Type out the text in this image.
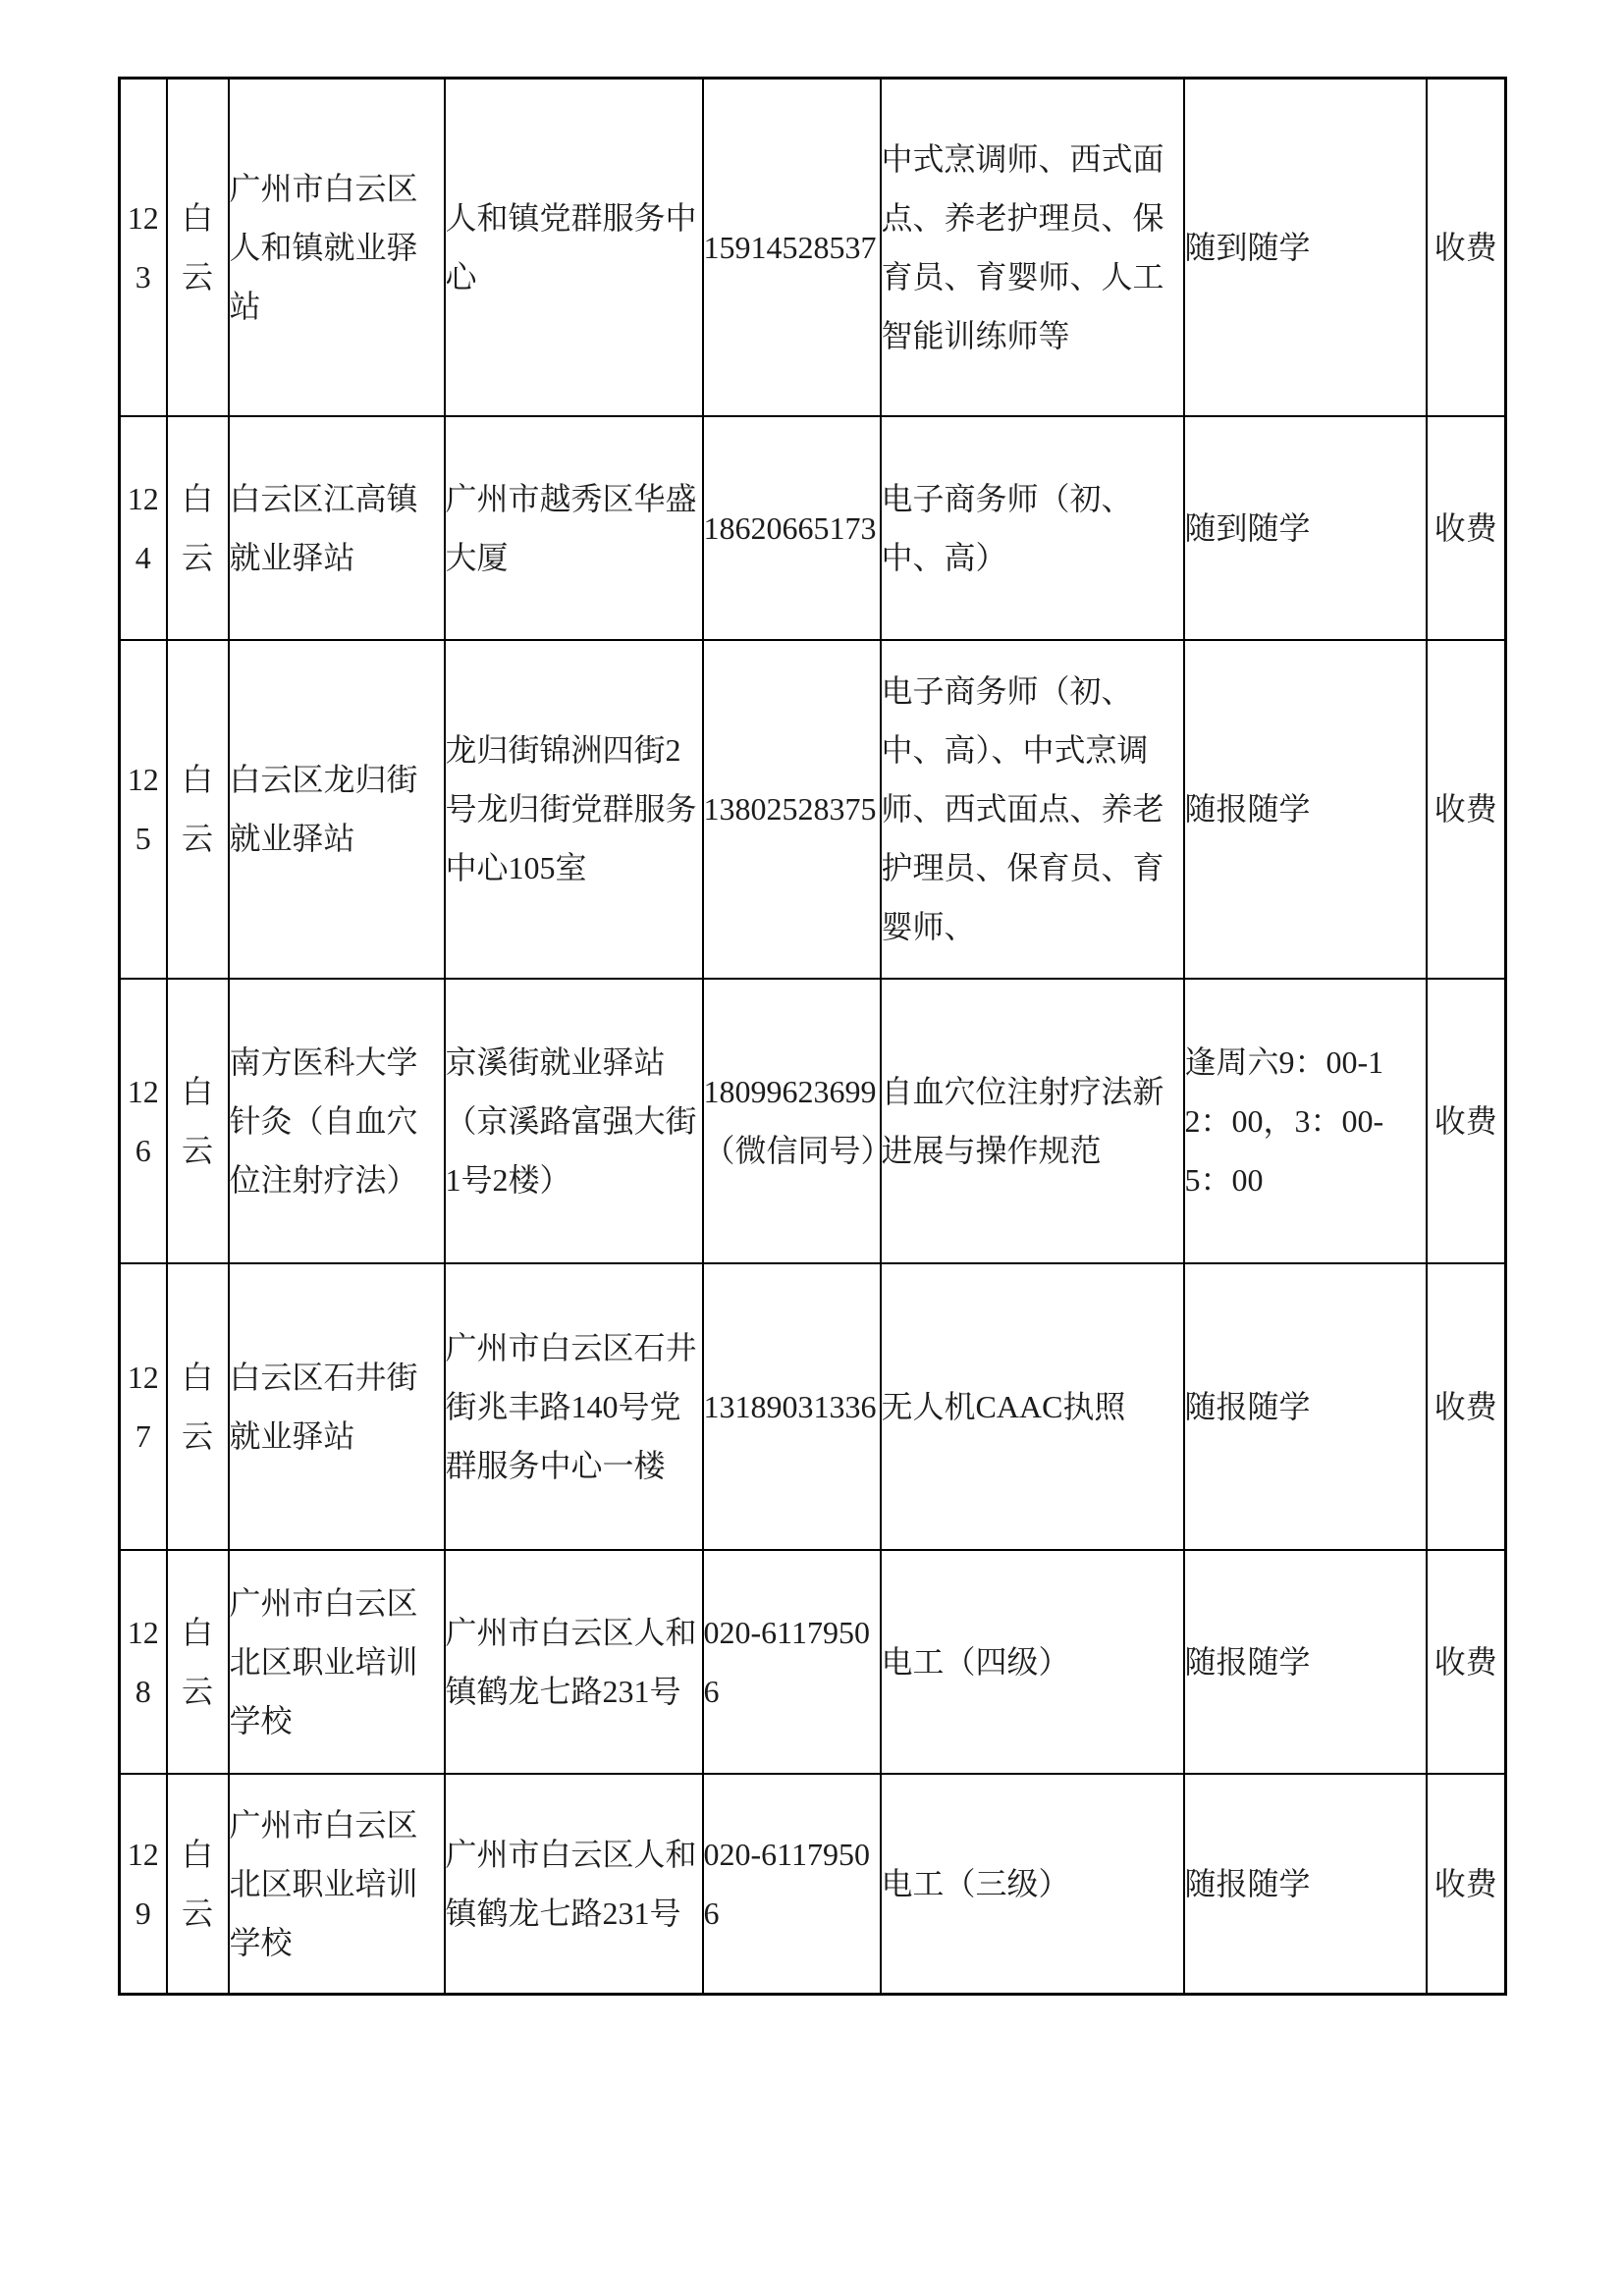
123	白云	广州市白云区人和镇就业驿站	人和镇党群服务中心	15914528537	中式烹调师、西式面点、养老护理员、保育员、育婴师、人工智能训练师等	随到随学	收费
124	白云	白云区江高镇就业驿站	广州市越秀区华盛大厦	18620665173	电子商务师（初、中、高）	随到随学	收费
125	白云	白云区龙归街就业驿站	龙归街锦洲四街2号龙归街党群服务中心105室	13802528375	电子商务师（初、中、高）、中式烹调师、西式面点、养老护理员、保育员、育婴师、	随报随学	收费
126	白云	南方医科大学针灸（自血穴位注射疗法）	京溪街就业驿站（京溪路富强大街1号2楼）	18099623699（微信同号）	自血穴位注射疗法新进展与操作规范	逢周六9：00-12：00，3：00-5：00	收费
127	白云	白云区石井街就业驿站	广州市白云区石井街兆丰路140号党群服务中心一楼	13189031336	无人机CAAC执照	随报随学	收费
128	白云	广州市白云区北区职业培训学校	广州市白云区人和镇鹤龙七路231号	020-61179506	电工（四级）	随报随学	收费
129	白云	广州市白云区北区职业培训学校	广州市白云区人和镇鹤龙七路231号	020-61179506	电工（三级）	随报随学	收费
